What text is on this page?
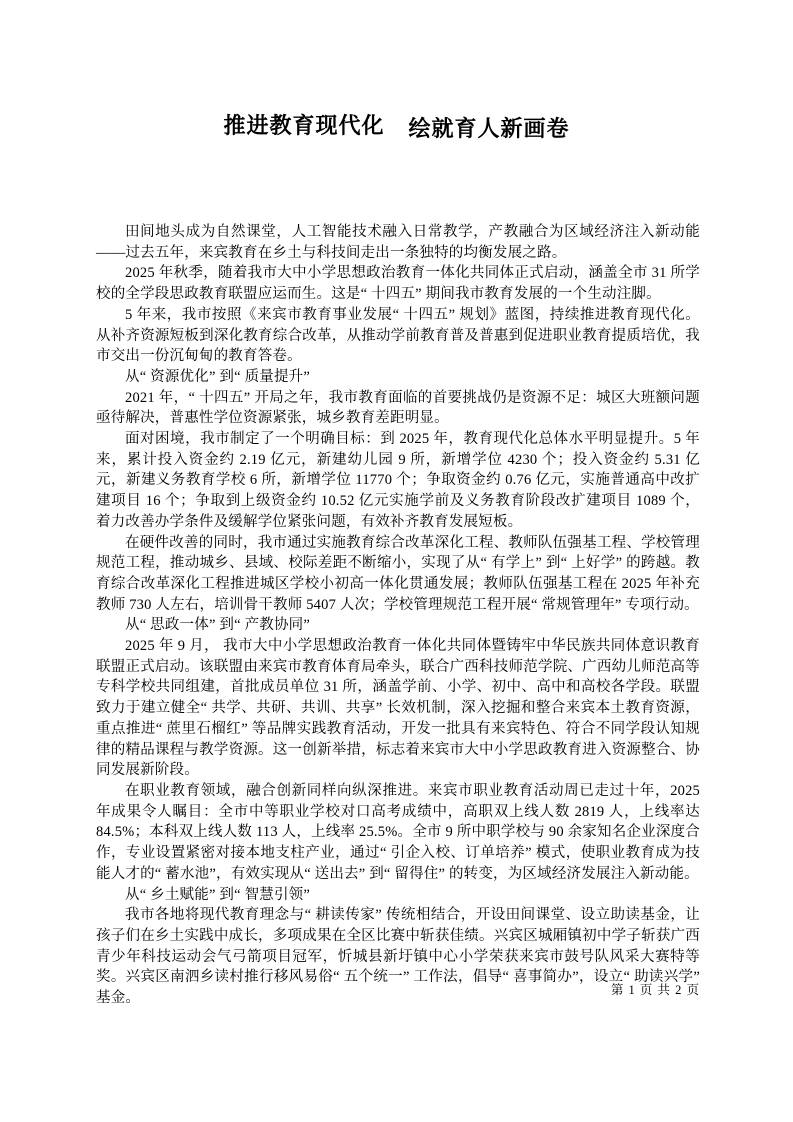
推进教育现代化 绘就育人新画卷

田间地头成为自然课堂，人工智能技术融入日常教学，产教融合为区域经济注入新动能——过去五年，来宾教育在乡土与科技间走出一条独特的均衡发展之路。

2025 年秋季，随着我市大中小学思想政治教育一体化共同体正式启动，涵盖全市 31 所学校的全学段思政教育联盟应运而生。这是“ 十四五” 期间我市教育发展的一个生动注脚。

5 年来，我市按照《来宾市教育事业发展“ 十四五” 规划》蓝图，持续推进教育现代化。从补齐资源短板到深化教育综合改革，从推动学前教育普及普惠到促进职业教育提质培优，我市交出一份沉甸甸的教育答卷。

从“ 资源优化” 到“ 质量提升”

2021 年，“ 十四五” 开局之年，我市教育面临的首要挑战仍是资源不足：城区大班额问题亟待解决，普惠性学位资源紧张，城乡教育差距明显。

面对困境，我市制定了一个明确目标：到 2025 年，教育现代化总体水平明显提升。5 年来，累计投入资金约 2.19 亿元，新建幼儿园 9 所，新增学位 4230 个；投入资金约 5.31 亿元，新建义务教育学校 6 所，新增学位 11770 个；争取资金约 0.76 亿元，实施普通高中改扩建项目 16 个；争取到上级资金约 10.52 亿元实施学前及义务教育阶段改扩建项目 1089 个， 着力改善办学条件及缓解学位紧张问题，有效补齐教育发展短板。

在硬件改善的同时，我市通过实施教育综合改革深化工程、教师队伍强基工程、学校管理规范工程，推动城乡、县域、校际差距不断缩小，实现了从“ 有学上” 到“ 上好学” 的跨越。教育综合改革深化工程推进城区学校小初高一体化贯通发展；教师队伍强基工程在 2025 年补充教师 730 人左右，培训骨干教师 5407 人次；学校管理规范工程开展“ 常规管理年” 专项行动。

从“ 思政一体” 到“ 产教协同”

2025 年 9 月， 我市大中小学思想政治教育一体化共同体暨铸牢中华民族共同体意识教育联盟正式启动。该联盟由来宾市教育体育局牵头，联合广西科技师范学院、广西幼儿师范高等专科学校共同组建，首批成员单位 31 所，涵盖学前、小学、初中、高中和高校各学段。联盟致力于建立健全“ 共学、共研、共训、共享” 长效机制，深入挖掘和整合来宾本土教育资源，重点推进“ 蔗里石榴红” 等品牌实践教育活动，开发一批具有来宾特色、符合不同学段认知规律的精品课程与教学资源。这一创新举措，标志着来宾市大中小学思政教育进入资源整合、协同发展新阶段。

在职业教育领域，融合创新同样向纵深推进。来宾市职业教育活动周已走过十年，2025 年成果令人瞩目：全市中等职业学校对口高考成绩中，高职双上线人数 2819 人，上线率达 84.5%；本科双上线人数 113 人，上线率 25.5%。全市 9 所中职学校与 90 余家知名企业深度合作，专业设置紧密对接本地支柱产业，通过“ 引企入校、订单培养” 模式，使职业教育成为技能人才的“ 蓄水池”，有效实现从“ 送出去” 到“ 留得住” 的转变，为区域经济发展注入新动能。

从“ 乡土赋能” 到“ 智慧引领”

我市各地将现代教育理念与“ 耕读传家” 传统相结合，开设田间课堂、设立助读基金，让孩子们在乡土实践中成长，多项成果在全区比赛中斩获佳绩。兴宾区城厢镇初中学子斩获广西青少年科技运动会气弓箭项目冠军，忻城县新圩镇中心小学荣获来宾市鼓号队风采大赛特等奖。兴宾区南泗乡读村推行移风易俗“ 五个统一” 工作法，倡导“ 喜事简办”，设立“ 助读兴学” 基金。

第 1 页 共 2 页
